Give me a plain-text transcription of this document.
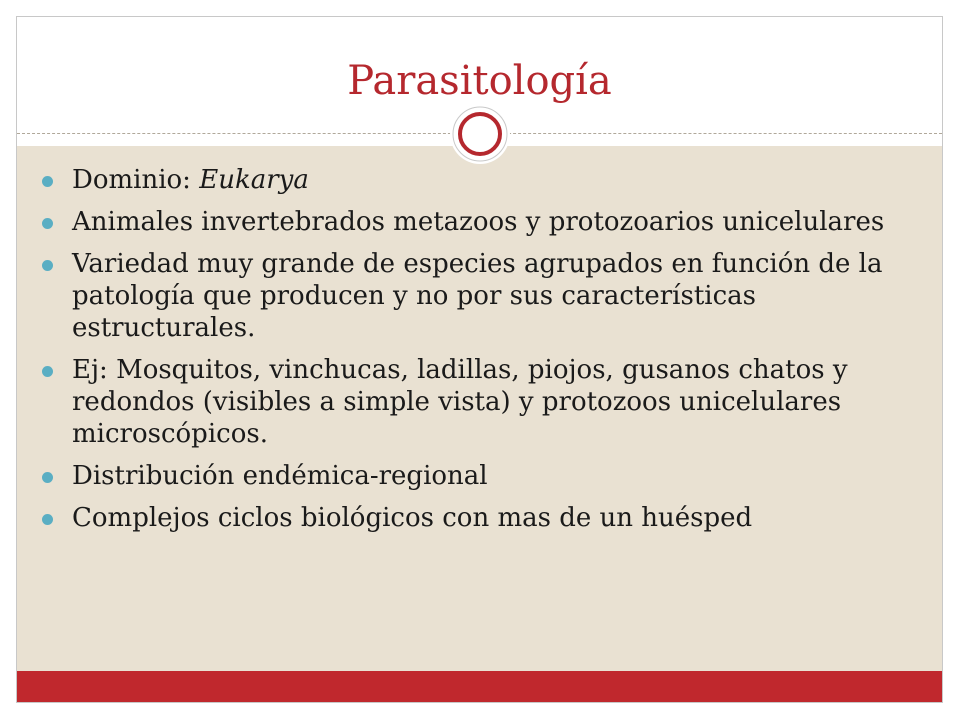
Parasitología
Dominio: Eukarya
Animales invertebrados metazoos y protozoarios unicelulares
Variedad muy grande de especies agrupados en función de la patología que producen y no por sus características estructurales.
Ej: Mosquitos, vinchucas, ladillas, piojos, gusanos chatos y redondos (visibles a simple vista) y protozoos unicelulares microscópicos.
Distribución endémica-regional
Complejos ciclos biológicos con mas de un huésped
